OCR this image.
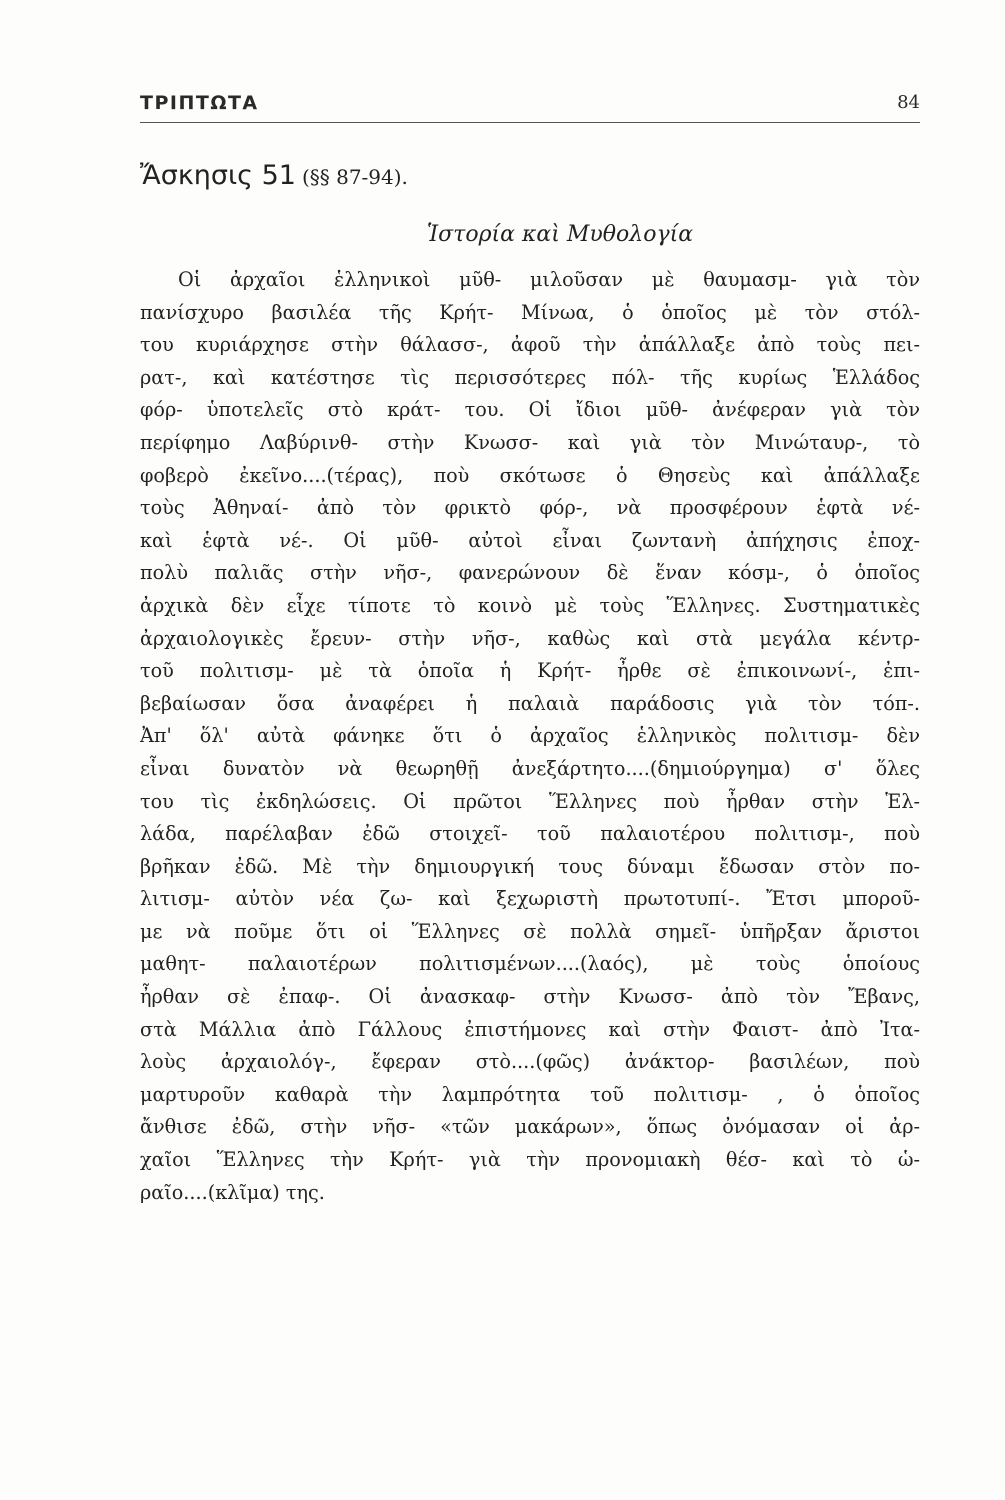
ΤΡΙΠΤΩΤΑ	84
Ἄσκησις 51 (§§ 87-94).
Ἱστορία καὶ Μυθολογία
Οἱ ἀρχαῖοι ἑλληνικοὶ μῦθ- μιλοῦσαν μὲ θαυμασμ- γιὰ τὸν
πανίσχυρο βασιλέα τῆς Κρήτ- Μίνωα, ὁ ὁποῖος μὲ τὸν στόλ-
του κυριάρχησε στὴν θάλασσ-, ἀφοῦ τὴν ἀπάλλαξε ἀπὸ τοὺς πει-
ρατ-, καὶ κατέστησε τὶς περισσότερες πόλ- τῆς κυρίως Ἑλλάδος
φόρ- ὑποτελεῖς στὸ κράτ- του. Οἱ ἴδιοι μῦθ- ἀνέφεραν γιὰ τὸν
περίφημο Λαβύρινθ- στὴν Κνωσσ- καὶ γιὰ τὸν Μινώταυρ-, τὸ
φοβερὸ ἐκεῖνο....(τέρας), ποὺ σκότωσε ὁ Θησεὺς καὶ ἀπάλλαξε
τοὺς Ἀθηναί- ἀπὸ τὸν φρικτὸ φόρ-, νὰ προσφέρουν ἑφτὰ νέ-
καὶ ἑφτὰ νέ-. Οἱ μῦθ- αὐτοὶ εἶναι ζωντανὴ ἀπήχησις ἐποχ-
πολὺ παλιᾶς στὴν νῆσ-, φανερώνουν δὲ ἕναν κόσμ-, ὁ ὁποῖος
ἀρχικὰ δὲν εἶχε τίποτε τὸ κοινὸ μὲ τοὺς Ἕλληνες. Συστηματικὲς
ἀρχαιολογικὲς ἔρευν- στὴν νῆσ-, καθὼς καὶ στὰ μεγάλα κέντρ-
τοῦ πολιτισμ- μὲ τὰ ὁποῖα ἡ Κρήτ- ἦρθε σὲ ἐπικοινωνί-, ἐπι-
βεβαίωσαν ὅσα ἀναφέρει ἡ παλαιὰ παράδοσις γιὰ τὸν τόπ-.
Ἀπ' ὅλ' αὐτὰ φάνηκε ὅτι ὁ ἀρχαῖος ἑλληνικὸς πολιτισμ- δὲν
εἶναι δυνατὸν νὰ θεωρηθῇ ἀνεξάρτητο....(δημιούργημα) σ' ὅλες
του τὶς ἐκδηλώσεις. Οἱ πρῶτοι Ἕλληνες ποὺ ἦρθαν στὴν Ἑλ-
λάδα, παρέλαβαν ἐδῶ στοιχεῖ- τοῦ παλαιοτέρου πολιτισμ-, ποὺ
βρῆκαν ἐδῶ. Μὲ τὴν δημιουργική τους δύναμι ἔδωσαν στὸν πο-
λιτισμ- αὐτὸν νέα ζω- καὶ ξεχωριστὴ πρωτοτυπί-. Ἔτσι μποροῦ-
με νὰ ποῦμε ὅτι οἱ Ἕλληνες σὲ πολλὰ σημεῖ- ὑπῆρξαν ἄριστοι
μαθητ- παλαιοτέρων πολιτισμένων....(λαός), μὲ τοὺς ὁποίους
ἦρθαν σὲ ἐπαφ-. Οἱ ἀνασκαφ- στὴν Κνωσσ- ἀπὸ τὸν Ἔβανς,
στὰ Μάλλια ἀπὸ Γάλλους ἐπιστήμονες καὶ στὴν Φαιστ- ἀπὸ Ἰτα-
λοὺς ἀρχαιολόγ-, ἔφεραν στὸ....(φῶς) ἀνάκτορ- βασιλέων, ποὺ
μαρτυροῦν καθαρὰ τὴν λαμπρότητα τοῦ πολιτισμ- , ὁ ὁποῖος
ἄνθισε ἐδῶ, στὴν νῆσ- «τῶν μακάρων», ὅπως ὀνόμασαν οἱ ἀρ-
χαῖοι Ἕλληνες τὴν Κρήτ- γιὰ τὴν προνομιακὴ θέσ- καὶ τὸ ὡ-
ραῖο....(κλῖμα) της.
